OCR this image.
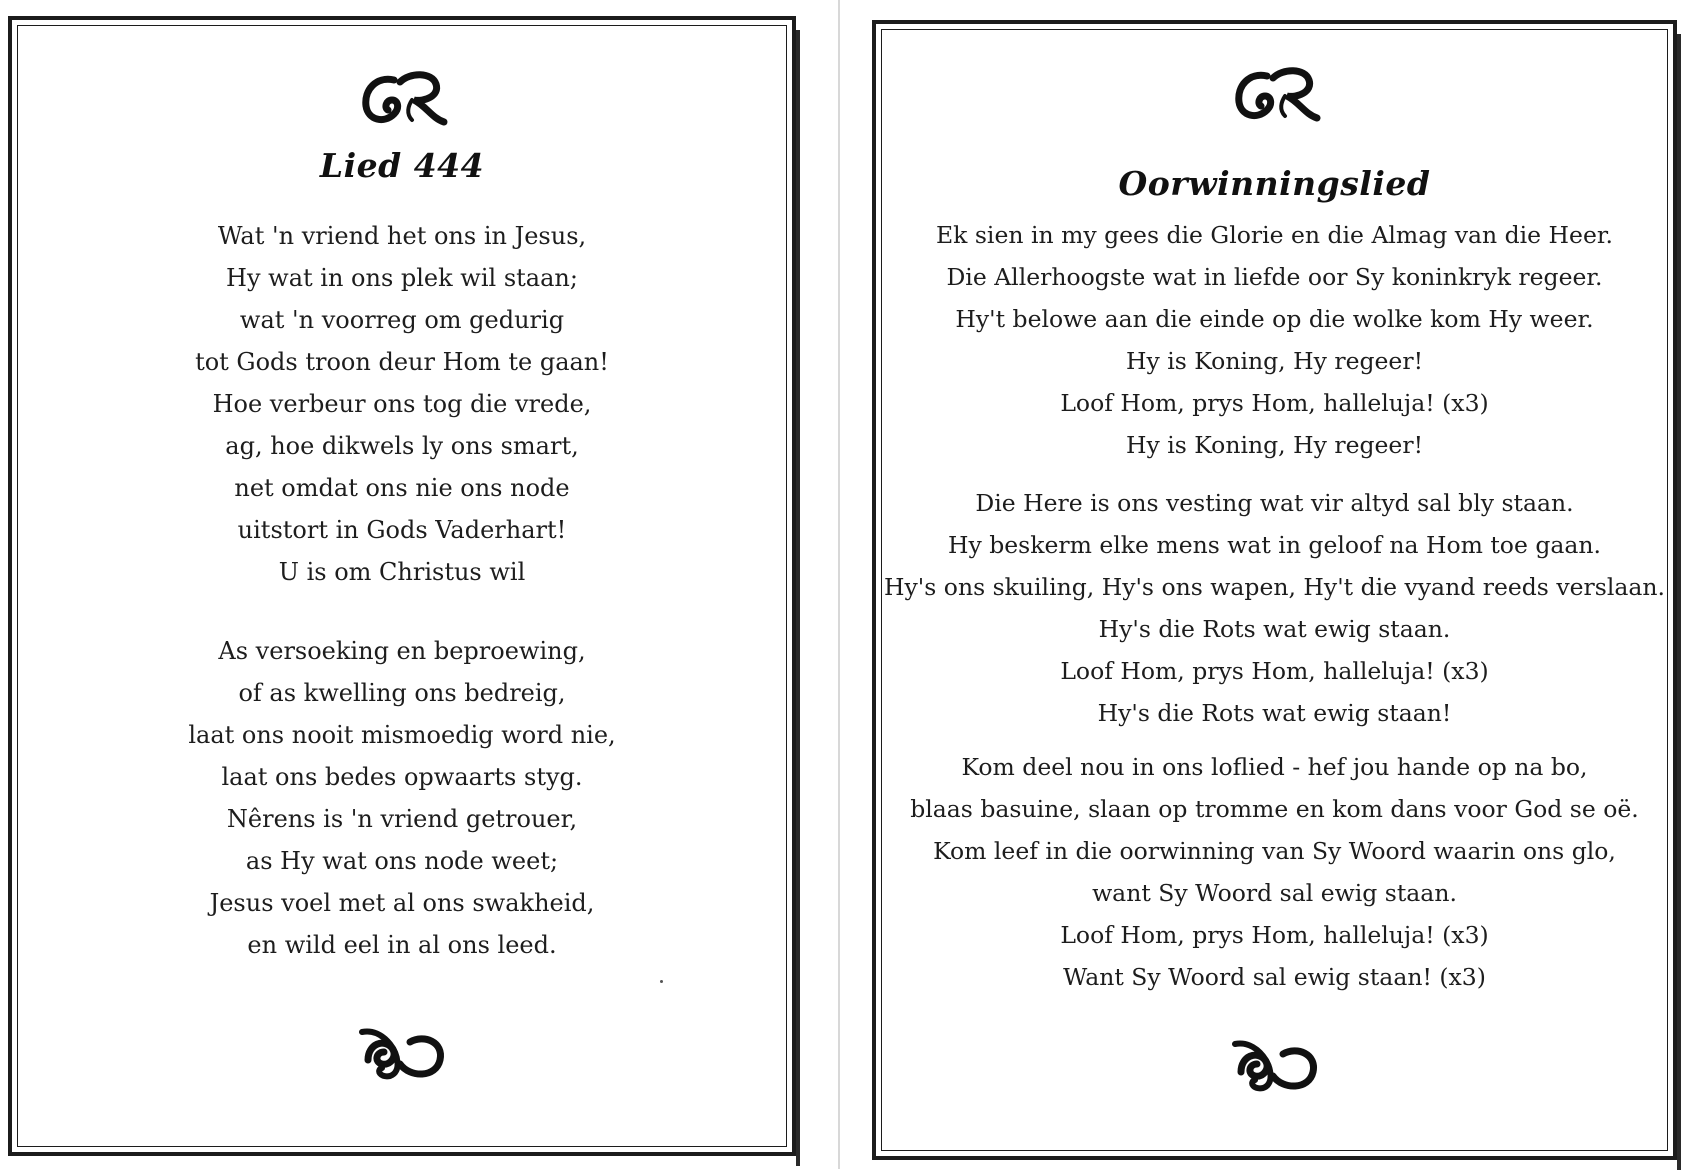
Lied 444
Wat 'n vriend het ons in Jesus,
Hy wat in ons plek wil staan;
wat 'n voorreg om gedurig
tot Gods troon deur Hom te gaan!
Hoe verbeur ons tog die vrede,
ag, hoe dikwels ly ons smart,
net omdat ons nie ons node
uitstort in Gods Vaderhart!
U is om Christus wil
As versoeking en beproewing,
of as kwelling ons bedreig,
laat ons nooit mismoedig word nie,
laat ons bedes opwaarts styg.
Nêrens is 'n vriend getrouer,
as Hy wat ons node weet;
Jesus voel met al ons swakheid,
en wild eel in al ons leed.
Oorwinningslied
Ek sien in my gees die Glorie en die Almag van die Heer.
Die Allerhoogste wat in liefde oor Sy koninkryk regeer.
Hy't belowe aan die einde op die wolke kom Hy weer.
Hy is Koning, Hy regeer!
Loof Hom, prys Hom, halleluja! (x3)
Hy is Koning, Hy regeer!
Die Here is ons vesting wat vir altyd sal bly staan.
Hy beskerm elke mens wat in geloof na Hom toe gaan.
Hy's ons skuiling, Hy's ons wapen, Hy't die vyand reeds verslaan.
Hy's die Rots wat ewig staan.
Loof Hom, prys Hom, halleluja! (x3)
Hy's die Rots wat ewig staan!
Kom deel nou in ons loflied - hef jou hande op na bo,
blaas basuine, slaan op tromme en kom dans voor God se oë.
Kom leef in die oorwinning van Sy Woord waarin ons glo,
want Sy Woord sal ewig staan.
Loof Hom, prys Hom, halleluja! (x3)
Want Sy Woord sal ewig staan! (x3)
